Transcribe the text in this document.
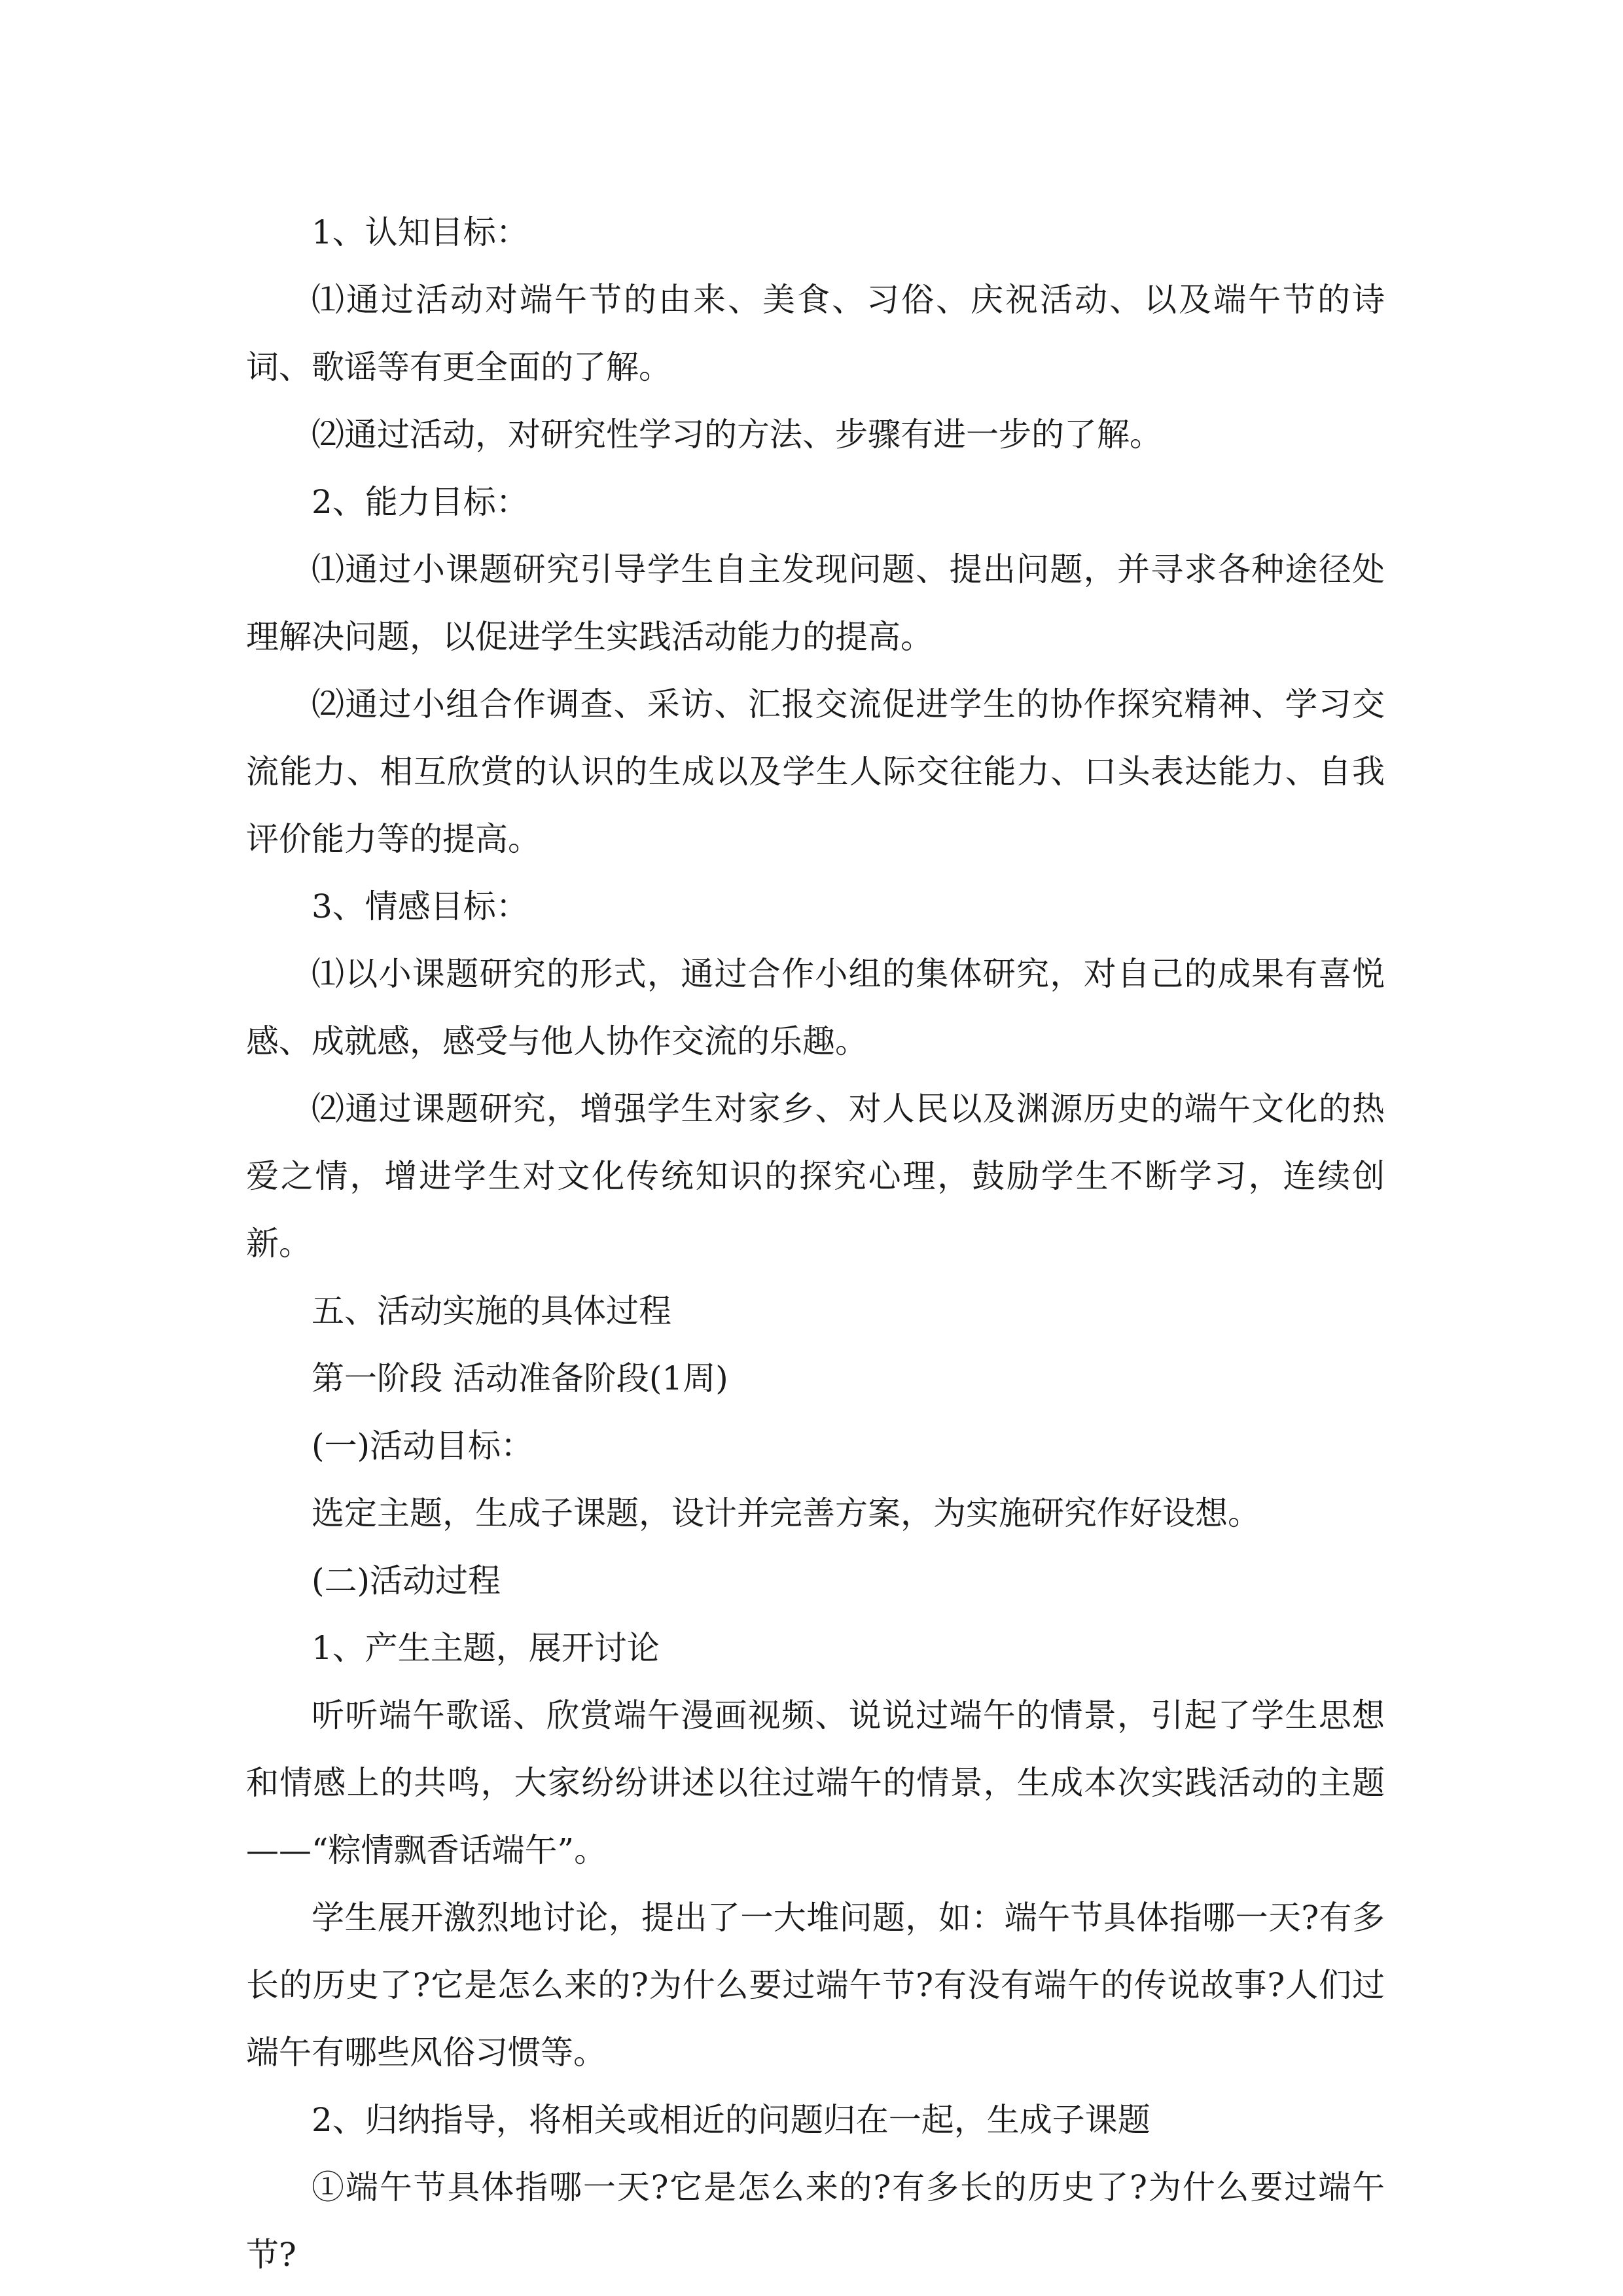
1、认知目标：

⑴通过活动对端午节的由来、美食、习俗、庆祝活动、以及端午节的诗词、歌谣等有更全面的了解。

⑵通过活动，对研究性学习的方法、步骤有进一步的了解。

2、能力目标：

⑴通过小课题研究引导学生自主发现问题、提出问题，并寻求各种途径处理解决问题，以促进学生实践活动能力的提高。

⑵通过小组合作调查、采访、汇报交流促进学生的协作探究精神、学习交流能力、相互欣赏的认识的生成以及学生人际交往能力、口头表达能力、自我评价能力等的提高。

3、情感目标：

⑴以小课题研究的形式，通过合作小组的集体研究，对自己的成果有喜悦感、成就感，感受与他人协作交流的乐趣。

⑵通过课题研究，增强学生对家乡、对人民以及渊源历史的端午文化的热爱之情，增进学生对文化传统知识的探究心理，鼓励学生不断学习，连续创新。

五、活动实施的具体过程

第一阶段 活动准备阶段(1周)

(一)活动目标：

选定主题，生成子课题，设计并完善方案，为实施研究作好设想。

(二)活动过程

1、产生主题，展开讨论

听听端午歌谣、欣赏端午漫画视频、说说过端午的情景，引起了学生思想和情感上的共鸣，大家纷纷讲述以往过端午的情景，生成本次实践活动的主题——“粽情飘香话端午”。

学生展开激烈地讨论，提出了一大堆问题，如：端午节具体指哪一天?有多长的历史了?它是怎么来的?为什么要过端午节?有没有端午的传说故事?人们过端午有哪些风俗习惯等。

2、归纳指导，将相关或相近的问题归在一起，生成子课题

①端午节具体指哪一天?它是怎么来的?有多长的历史了?为什么要过端午节?
